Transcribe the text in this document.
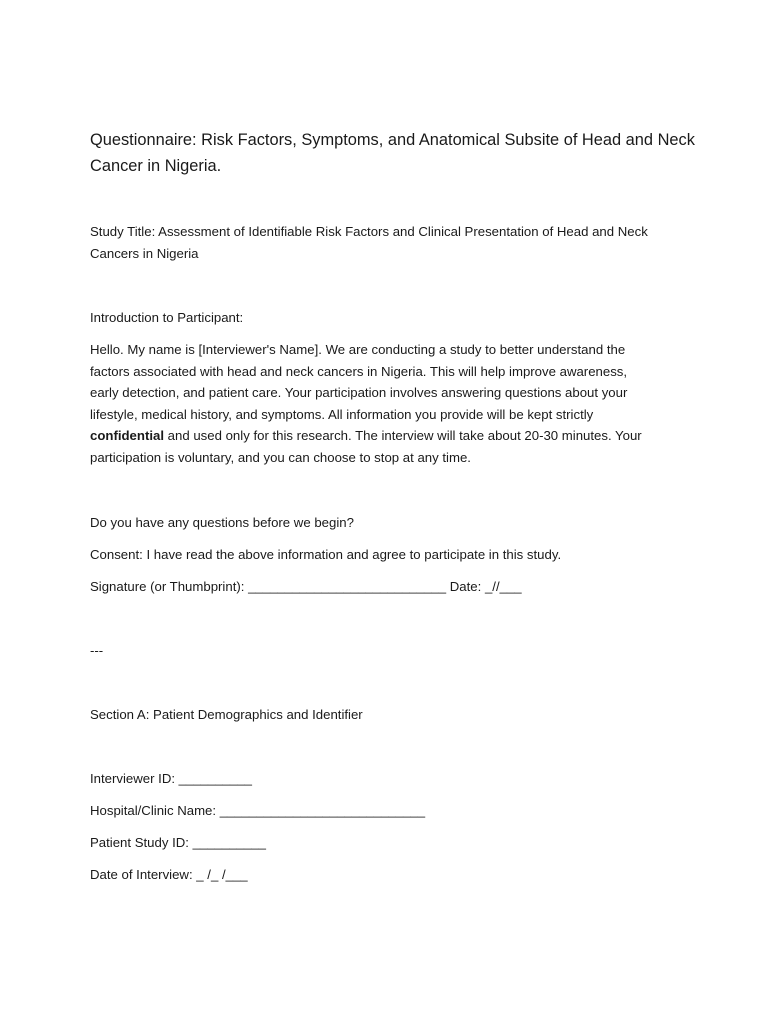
Questionnaire: Risk Factors, Symptoms, and Anatomical Subsite of Head and Neck
Cancer in Nigeria.
Study Title: Assessment of Identifiable Risk Factors and Clinical Presentation of Head and Neck
Cancers in Nigeria
Introduction to Participant:
Hello. My name is [Interviewer's Name]. We are conducting a study to better understand the
factors associated with head and neck cancers in Nigeria. This will help improve awareness,
early detection, and patient care. Your participation involves answering questions about your
lifestyle, medical history, and symptoms. All information you provide will be kept strictly
confidential and used only for this research. The interview will take about 20-30 minutes. Your
participation is voluntary, and you can choose to stop at any time.
Do you have any questions before we begin?
Consent: I have read the above information and agree to participate in this study.
Signature (or Thumbprint): ___________________________ Date: _//___
---
Section A: Patient Demographics and Identifier
Interviewer ID: __________
Hospital/Clinic Name: ____________________________
Patient Study ID: __________
Date of Interview: _ /_ /___
